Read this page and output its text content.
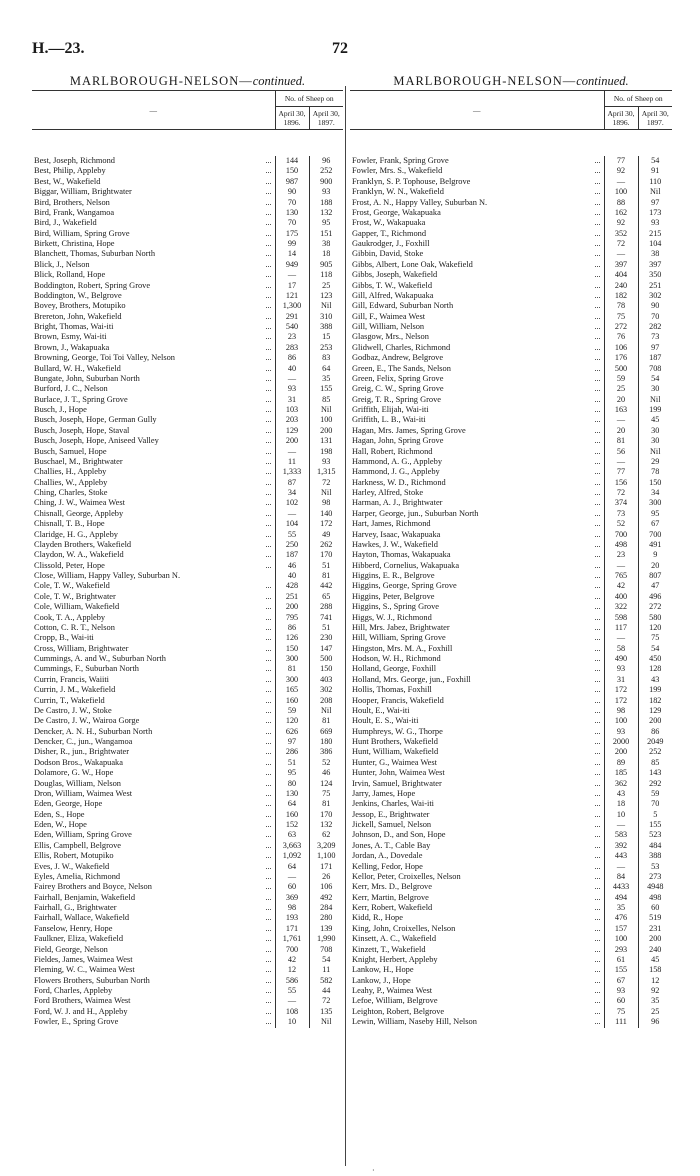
H.—23.	72
MARLBOROUGH-NELSON—continued.
—	No. of Sheep on	
	April 30, 1896.	April 30, 1897.
Best, Joseph, Richmond	...	144	96
Best, Philip, Appleby	...	150	252
Best, W., Wakefield	...	987	900
Biggar, William, Brightwater	...	90	93
Bird, Brothers, Nelson	...	70	188
Bird, Frank, Wangamoa	...	130	132
Bird, J., Wakefield	...	70	95
Bird, William, Spring Grove	...	175	151
Birkett, Christina, Hope	...	99	38
Blanchett, Thomas, Suburban North	...	14	18
Blick, J., Nelson	...	949	905
Blick, Rolland, Hope	...	—	118
Boddington, Robert, Spring Grove	...	17	25
Boddington, W., Belgrove	...	121	123
Bovey, Brothers, Motupiko	...	1,300	Nil
Brereton, John, Wakefield	...	291	310
Bright, Thomas, Wai-iti	...	540	388
Brown, Esmy, Wai-iti	...	23	15
Brown, J., Wakapuaka	...	283	253
Browning, George, Toi Toi Valley, Nelson	...	86	83
Bullard, W. H., Wakefield	...	40	64
Bungate, John, Suburban North	...	—	35
Burford, J. C., Nelson	...	93	155
Burlace, J. T., Spring Grove	...	31	85
Busch, J., Hope	...	103	Nil
Busch, Joseph, Hope, German Gully	...	203	100
Busch, Joseph, Hope, Staval	...	129	200
Busch, Joseph, Hope, Aniseed Valley	...	200	131
Busch, Samuel, Hope	...	—	198
Buschael, M., Brightwater	...	11	93
Challies, H., Appleby	...	1,333	1,315
Challies, W., Appleby	...	87	72
Ching, Charles, Stoke	...	34	Nil
Ching, J. W., Waimea West	...	102	98
Chisnall, George, Appleby	...	—	140
Chisnall, T. B., Hope	...	104	172
Claridge, H. G., Appleby	...	55	49
Clayden Brothers, Wakefield	...	250	262
Claydon, W. A., Wakefield	...	187	170
Clissold, Peter, Hope	...	46	51
Close, William, Happy Valley, Suburban N.		40	81
Cole, T. W., Wakefield	...	428	442
Cole, T. W., Brightwater	...	251	65
Cole, William, Wakefield	...	200	288
Cook, T. A., Appleby	...	795	741
Cotton, C. R. T., Nelson	...	86	51
Cropp, B., Wai-iti	...	126	230
Cross, William, Brightwater	...	150	147
Cummings, A. and W., Suburban North	...	300	500
Cummings, F., Suburban North	...	81	150
Currin, Francis, Waiiti	...	300	403
Currin, J. M., Wakefield	...	165	302
Currin, T., Wakefield	...	160	208
De Castro, J. W., Stoke	...	59	Nil
De Castro, J. W., Wairoa Gorge	...	120	81
Dencker, A. N. H., Suburban North	...	626	669
Dencker, C., jun., Wangamoa	...	97	180
Disher, R., jun., Brightwater	...	286	386
Dodson Bros., Wakapuaka	...	51	52
Dolamore, G. W., Hope	...	95	46
Douglas, William, Nelson	...	80	124
Dron, William, Waimea West	...	130	75
Eden, George, Hope	...	64	81
Eden, S., Hope	...	160	170
Eden, W., Hope	...	152	132
Eden, William, Spring Grove	...	63	62
Ellis, Campbell, Belgrove	...	3,663	3,209
Ellis, Robert, Motupiko	...	1,092	1,100
Eves, J. W., Wakefield	...	64	171
Eyles, Amelia, Richmond	...	—	26
Fairey Brothers and Boyce, Nelson	...	60	106
Fairhall, Benjamin, Wakefield	...	369	492
Fairhall, G., Brightwater	...	98	284
Fairhall, Wallace, Wakefield	...	193	280
Fanselow, Henry, Hope	...	171	139
Faulkner, Eliza, Wakefield	...	1,761	1,990
Field, George, Nelson	...	700	708
Fieldes, James, Waimea West	...	42	54
Fleming, W. C., Waimea West	...	12	11
Flowers Brothers, Suburban North	...	586	582
Ford, Charles, Appleby	...	55	44
Ford Brothers, Waimea West	...	—	72
Ford, W. J. and H., Appleby	...	108	135
Fowler, E., Spring Grove	...	10	Nil
MARLBOROUGH-NELSON—continued.
—	No. of Sheep on	
	April 30, 1896.	April 30, 1897.
Fowler, Frank, Spring Grove	...	77	54
Fowler, Mrs. S., Wakefield	...	92	91
Franklyn, S. P. Tophouse, Belgrove	...	—	110
Franklyn, W. N., Wakefield	...	100	Nil
Frost, A. N., Happy Valley, Suburban N.	...	88	97
Frost, George, Wakapuaka	...	162	173
Frost, W., Wakapuaka	...	92	93
Gapper, T., Richmond	...	352	215
Gaukrodger, J., Foxhill	...	72	104
Gibbin, David, Stoke	...	—	38
Gibbs, Albert, Lone Oak, Wakefield	...	397	397
Gibbs, Joseph, Wakefield	...	404	350
Gibbs, T. W., Wakefield	...	240	251
Gill, Alfred, Wakapuaka	...	182	302
Gill, Edward, Suburban North	...	78	90
Gill, F., Waimea West	...	75	70
Gill, William, Nelson	...	272	282
Glasgow, Mrs., Nelson	...	76	73
Glidwell, Charles, Richmond	...	106	97
Godbaz, Andrew, Belgrove	...	176	187
Green, E., The Sands, Nelson	...	500	708
Green, Felix, Spring Grove	...	59	54
Greig, C. W., Spring Grove	...	25	30
Greig, T. R., Spring Grove	...	20	Nil
Griffith, Elijah, Wai-iti	...	163	199
Griffith, L. B., Wai-iti	...	—	45
Hagan, Mrs. James, Spring Grove	...	20	30
Hagan, John, Spring Grove	...	81	30
Hall, Robert, Richmond	...	56	Nil
Hammond, A. G., Appleby	...	—	29
Hammond, J. G., Appleby	...	77	78
Harkness, W. D., Richmond	...	156	150
Harley, Alfred, Stoke	...	72	34
Harman, A. J., Brightwater	...	374	300
Harper, George, jun., Suburban North	...	73	95
Hart, James, Richmond	...	52	67
Harvey, Isaac, Wakapuaka	...	700	700
Hawkes, J. W., Wakefield	...	498	491
Hayton, Thomas, Wakapuaka	...	23	9
Hibberd, Cornelius, Wakapuaka	...	—	20
Higgins, E. R., Belgrove	...	765	807
Higgins, George, Spring Grove	...	42	47
Higgins, Peter, Belgrove	...	400	496
Higgins, S., Spring Grove	...	322	272
Higgs, W. J., Richmond	...	598	580
Hill, Mrs. Jabez, Brightwater	...	117	120
Hill, William, Spring Grove	...	—	75
Hingston, Mrs. M. A., Foxhill	...	58	54
Hodson, W. H., Richmond	...	490	450
Holland, George, Foxhill	...	93	128
Holland, Mrs. George, jun., Foxhill	...	31	43
Hollis, Thomas, Foxhill	...	172	199
Hooper, Francis, Wakefield	...	172	182
Hoult, E., Wai-iti	...	98	129
Hoult, E. S., Wai-iti	...	100	200
Humphreys, W. G., Thorpe	...	93	86
Hunt Brothers, Wakefield	...	2000	2049
Hunt, William, Wakefield	...	200	252
Hunter, G., Waimea West	...	89	85
Hunter, John, Waimea West	...	185	143
Irvin, Samuel, Brightwater	...	362	292
Jarry, James, Hope	...	43	59
Jenkins, Charles, Wai-iti	...	18	70
Jessop, E., Brightwater	...	10	5
Jickell, Samuel, Nelson	...	—	155
Johnson, D., and Son, Hope	...	583	523
Jones, A. T., Cable Bay	...	392	484
Jordan, A., Dovedale	...	443	388
Kelling, Fedor, Hope	...	—	53
Kellor, Peter, Croixelles, Nelson	...	84	273
Kerr, Mrs. D., Belgrove	...	4433	4948
Kerr, Martin, Belgrove	...	494	498
Kerr, Robert, Wakefield	...	35	60
Kidd, R., Hope	...	476	519
King, John, Croixelles, Nelson	...	157	231
Kinsett, A. C., Wakefield	...	100	200
Kinzett, T., Wakefield	...	293	240
Knight, Herbert, Appleby	...	61	45
Lankow, H., Hope	...	155	158
Lankow, J., Hope	...	67	12
Leahy, P., Waimea West	...	93	92
Lefoe, William, Belgrove	...	60	35
Leighton, Robert, Belgrove	...	75	25
Lewin, William, Naseby Hill, Nelson	...	111	96
·
